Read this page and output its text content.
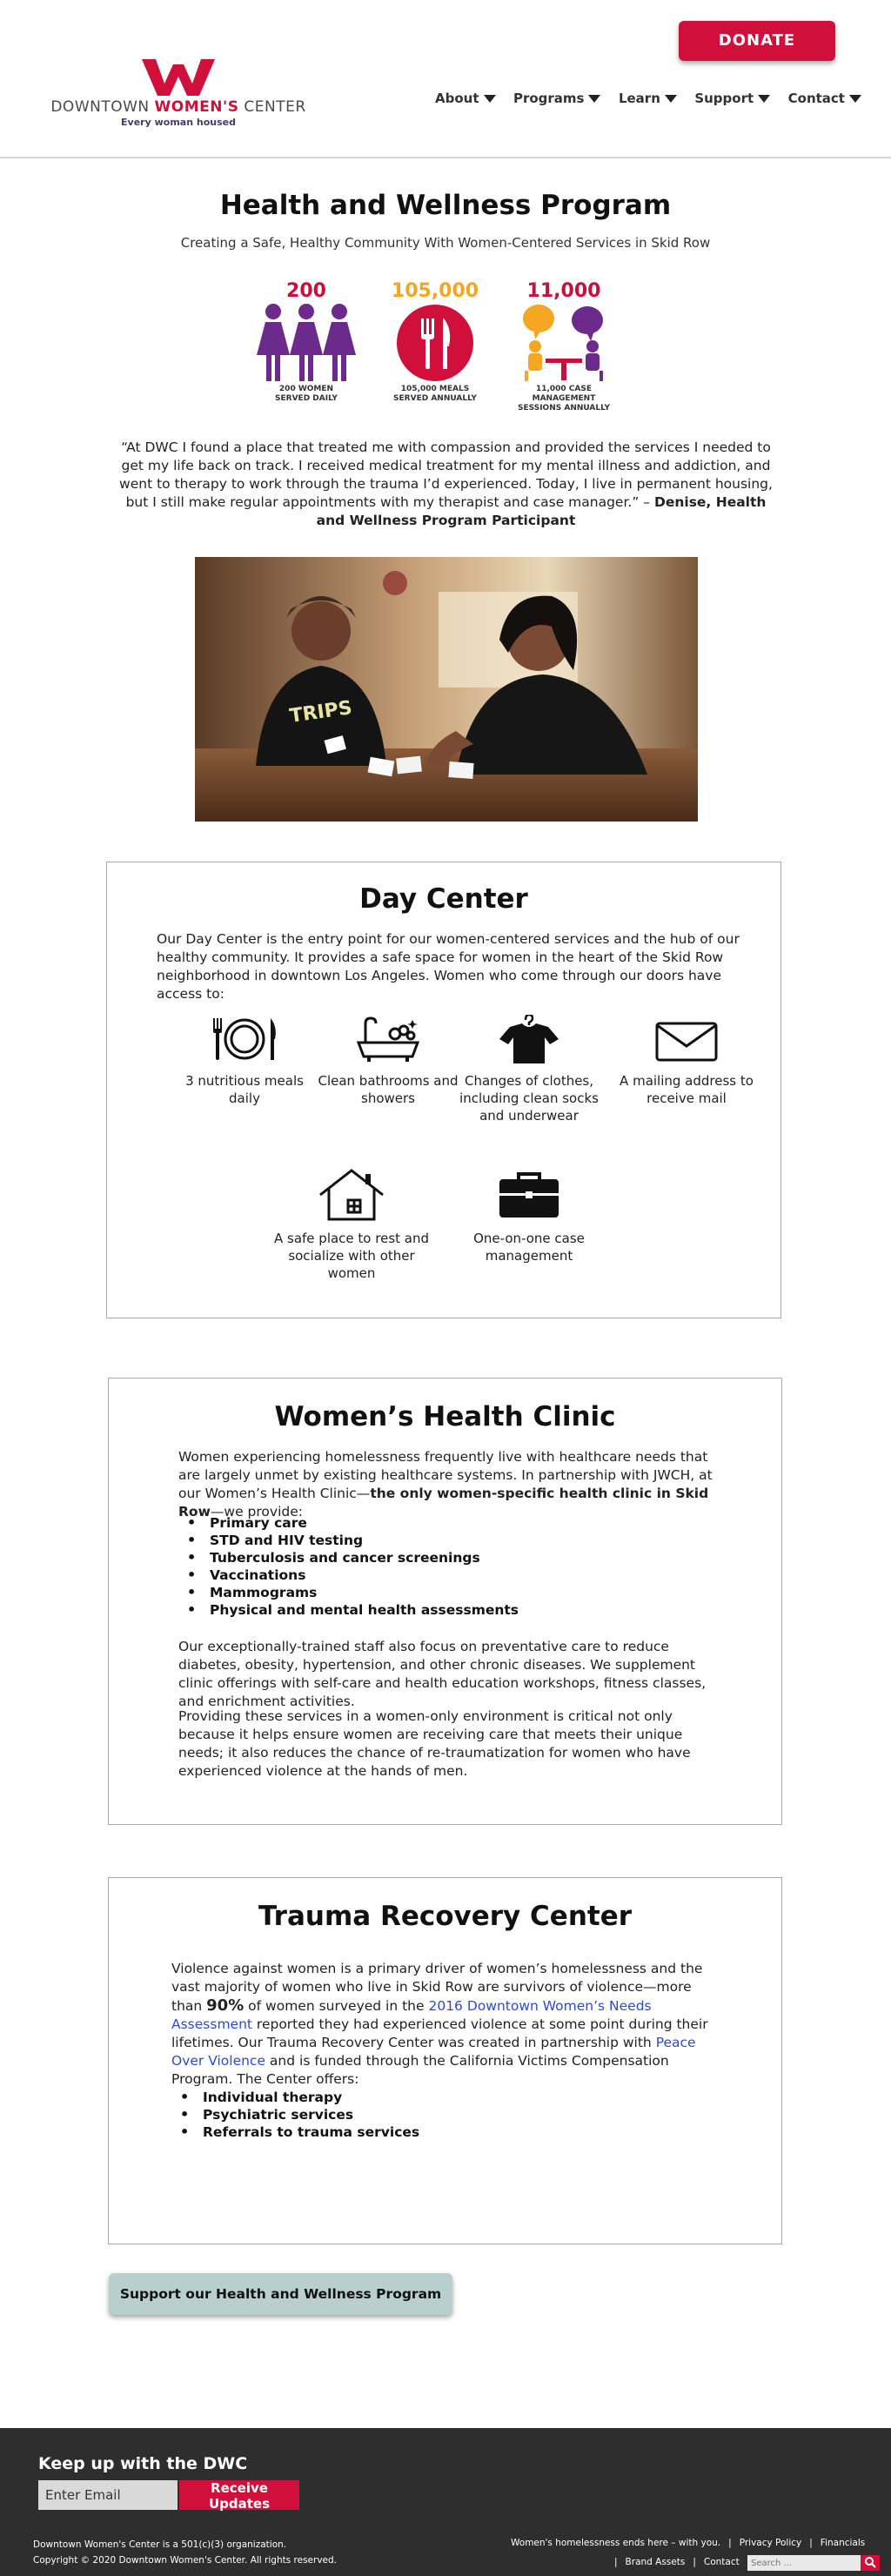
DONATE
DOWNTOWN WOMEN'S CENTER
Every woman housed
About	Programs	Learn	Support	Contact
Health and Wellness Program
Creating a Safe, Healthy Community With Women-Centered Services in Skid Row
200
200 WOMEN
SERVED DAILY
105,000
105,000 MEALS
SERVED ANNUALLY
11,000
11,000 CASE MANAGEMENT
SESSIONS ANNUALLY
“At DWC I found a place that treated me with compassion and provided the services I needed to get my life back on track. I received medical treatment for my mental illness and addiction, and went to therapy to work through the trauma I’d experienced. Today, I live in permanent housing, but I still make regular appointments with my therapist and case manager.” – Denise, Health and Wellness Program Participant
TRIPS
Day Center

Our Day Center is the entry point for our women-centered services and the hub of our healthy community. It provides a safe space for women in the heart of the Skid Row neighborhood in downtown Los Angeles. Women who come through our doors have access to:

3 nutritious meals daily
Clean bathrooms and showers
Changes of clothes, including clean socks and underwear
A mailing address to receive mail
A safe place to rest and socialize with other women
One-on-one case management
Women’s Health Clinic

Women experiencing homelessness frequently live with healthcare needs that are largely unmet by existing healthcare systems. In partnership with JWCH, at our Women’s Health Clinic—the only women-specific health clinic in Skid Row—we provide:

• Primary care
• STD and HIV testing
• Tuberculosis and cancer screenings
• Vaccinations
• Mammograms
• Physical and mental health assessments

Our exceptionally-trained staff also focus on preventative care to reduce diabetes, obesity, hypertension, and other chronic diseases. We supplement clinic offerings with self-care and health education workshops, fitness classes, and enrichment activities.

Providing these services in a women-only environment is critical not only because it helps ensure women are receiving care that meets their unique needs; it also reduces the chance of re-traumatization for women who have experienced violence at the hands of men.

Trauma Recovery Center

Violence against women is a primary driver of women’s homelessness and the vast majority of women who live in Skid Row are survivors of violence—more than 90% of women surveyed in the 2016 Downtown Women’s Needs Assessment reported they had experienced violence at some point during their lifetimes. Our Trauma Recovery Center was created in partnership with Peace Over Violence and is funded through the California Victims Compensation Program. The Center offers:

• Individual therapy
• Psychiatric services
• Referrals to trauma services
Support our Health and Wellness Program
Keep up with the DWC
Enter Email
Receive Updates
Downtown Women's Center is a 501(c)(3) organization.
Copyright © 2020 Downtown Women's Center. All rights reserved.
Women's homelessness ends here – with you. | Privacy Policy | Financials
| Brand Assets | Contact
Search ...
